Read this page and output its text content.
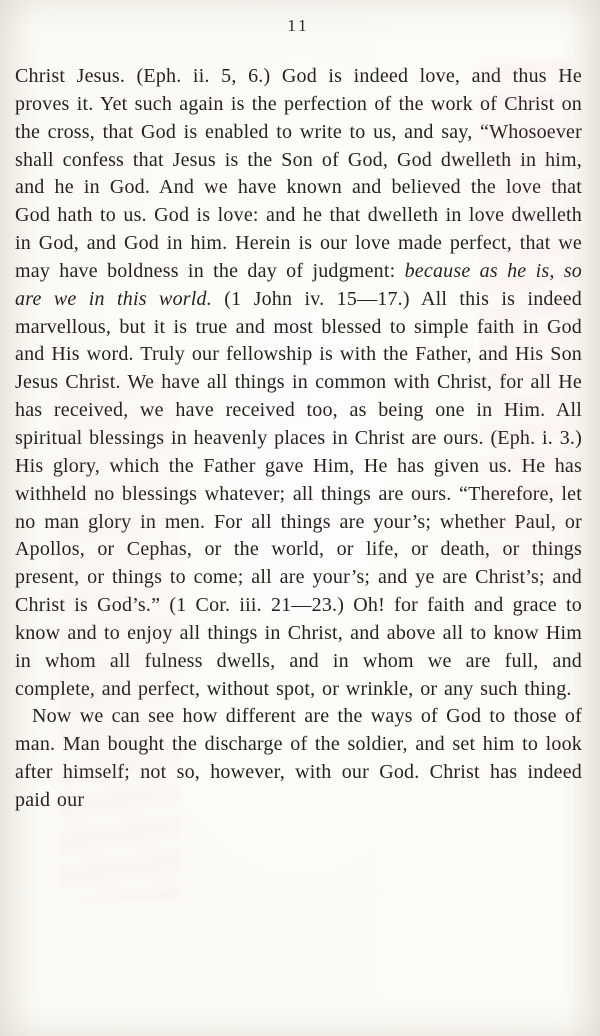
11

Christ Jesus. (Eph. ii. 5, 6.) God is indeed love, and thus He proves it. Yet such again is the perfection of the work of Christ on the cross, that God is enabled to write to us, and say, “Whosoever shall confess that Jesus is the Son of God, God dwelleth in him, and he in God. And we have known and believed the love that God hath to us. God is love: and he that dwelleth in love dwelleth in God, and God in him. Herein is our love made perfect, that we may have boldness in the day of judgment: because as he is, so are we in this world. (1 John iv. 15—17.) All this is indeed marvellous, but it is true and most blessed to simple faith in God and His word. Truly our fellowship is with the Father, and His Son Jesus Christ. We have all things in common with Christ, for all He has received, we have received too, as being one in Him. All spiritual blessings in heavenly places in Christ are ours. (Eph. i. 3.) His glory, which the Father gave Him, He has given us. He has withheld no blessings whatever; all things are ours. “Therefore, let no man glory in men. For all things are your’s; whether Paul, or Apollos, or Cephas, or the world, or life, or death, or things present, or things to come; all are your’s; and ye are Christ’s; and Christ is God’s.” (1 Cor. iii. 21—23.) Oh! for faith and grace to know and to enjoy all things in Christ, and above all to know Him in whom all fulness dwells, and in whom we are full, and complete, and perfect, without spot, or wrinkle, or any such thing.

Now we can see how different are the ways of God to those of man. Man bought the discharge of the soldier, and set him to look after himself; not so, however, with our God. Christ has indeed paid our
